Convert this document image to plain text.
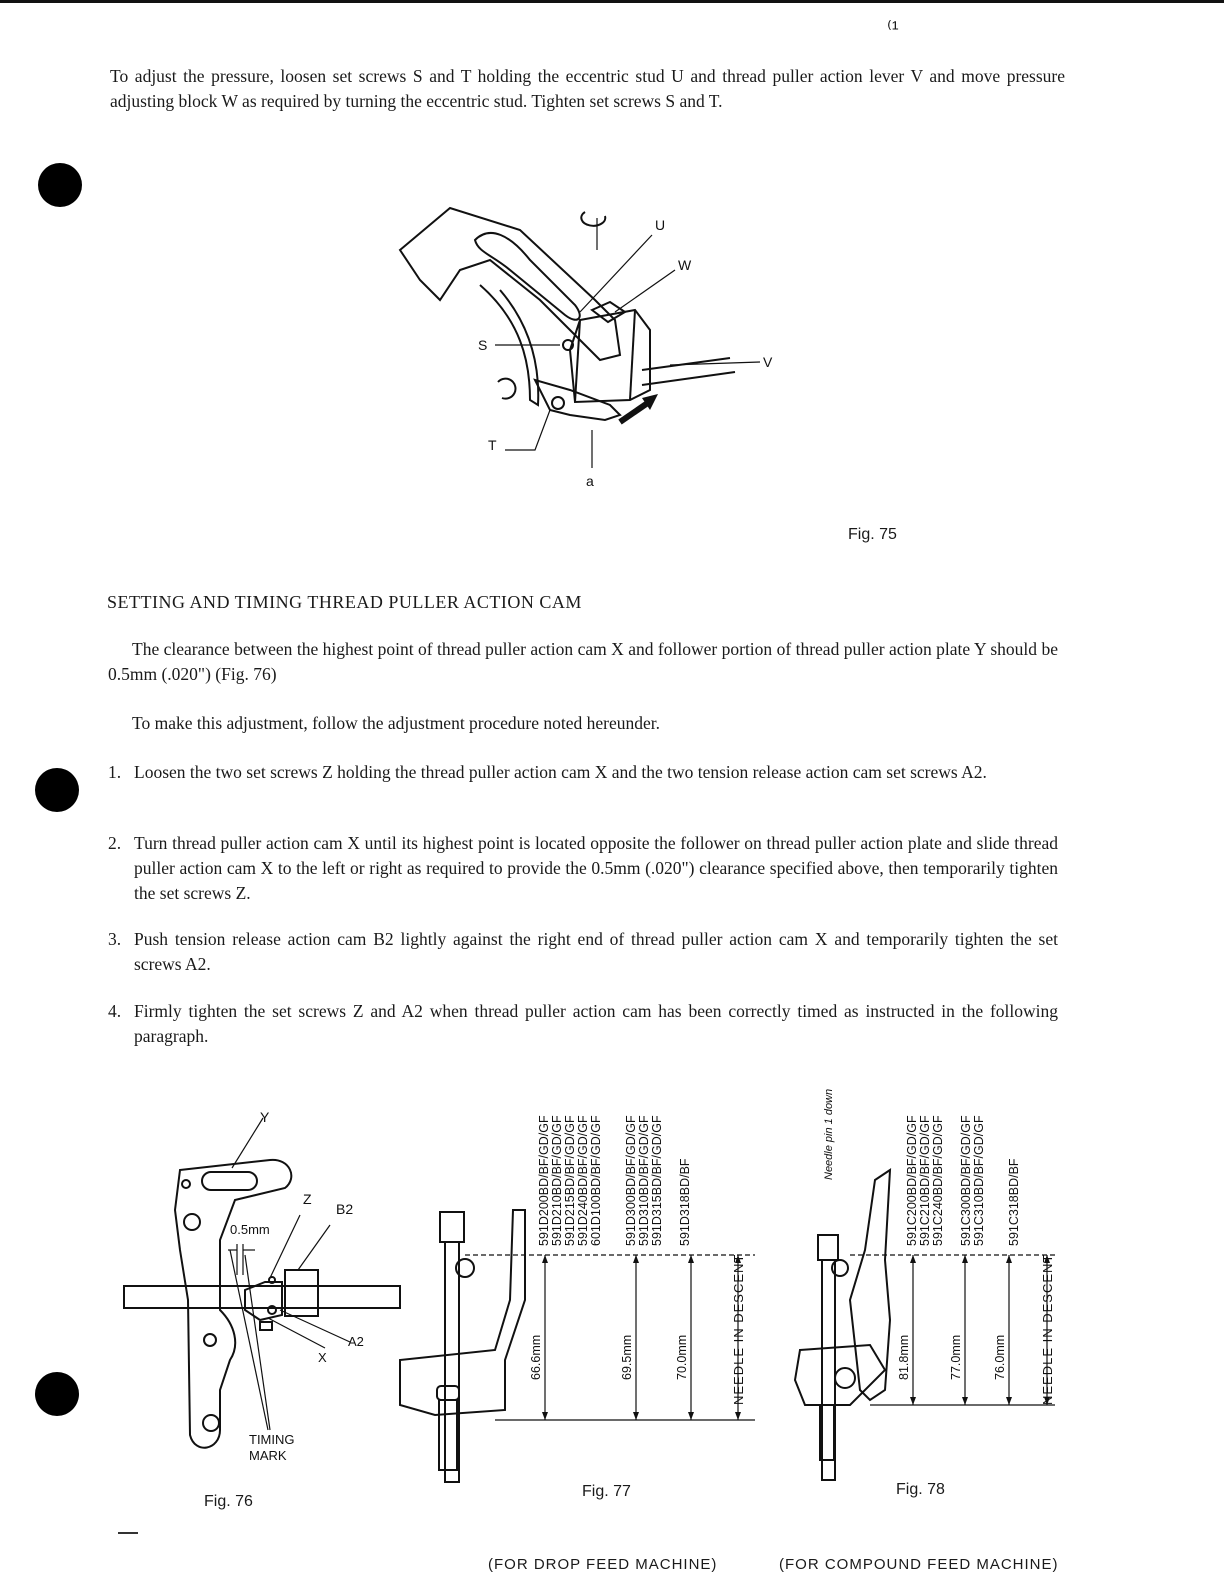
⁽¹
To adjust the pressure, loosen set screws S and T holding the eccentric stud U and thread puller action lever V and move pressure adjusting block W as required by turning the eccentric stud. Tighten set screws S and T.
U
W
S
V
T
a
Fig. 75
SETTING AND TIMING THREAD PULLER ACTION CAM
The clearance between the highest point of thread puller action cam X and follower portion of thread puller action plate Y should be 0.5mm (.020") (Fig. 76)
To make this adjustment, follow the adjustment procedure noted hereunder.
1. Loosen the two set screws Z holding the thread puller action cam X and the two tension release action cam set screws A2.
2. Turn thread puller action cam X until its highest point is located opposite the follower on thread puller action plate and slide thread puller action cam X to the left or right as required to provide the 0.5mm (.020") clearance specified above, then temporarily tighten the set screws Z.
3. Push tension release action cam B2 lightly against the right end of thread puller action cam X and temporarily tighten the set screws A2.
4. Firmly tighten the set screws Z and A2 when thread puller action cam has been correctly timed as instructed in the following paragraph.
Y
Z
B2
0.5mm
A2
X
TIMING
MARK
Fig. 76
591D200BD/BF/GD/GF 591D210BD/BF/GD/GF 591D215BD/BF/GD/GF 591D240BD/BF/GD/GF 601D100BD/BF/GD/GF 591D300BD/BF/GD/GF 591D310BD/BF/GD/GF 591D315BD/BF/GD/GF 591D318BD/BF
66.6mm	69.5mm	70.0mm	NEEDLE IN DESCENT
Fig. 77
(FOR DROP FEED MACHINE)
591C200BD/BF/GD/GF 591C210BD/BF/GD/GF 591C240BD/BF/GD/GF 591C300BD/BF/GD/GF 591C310BD/BF/GD/GF 591C318BD/BF
81.8mm	77.0mm 76.0mm	NEEDLE IN DESCENT
Needle pin 1 down
Fig. 78
(FOR COMPOUND FEED MACHINE)
